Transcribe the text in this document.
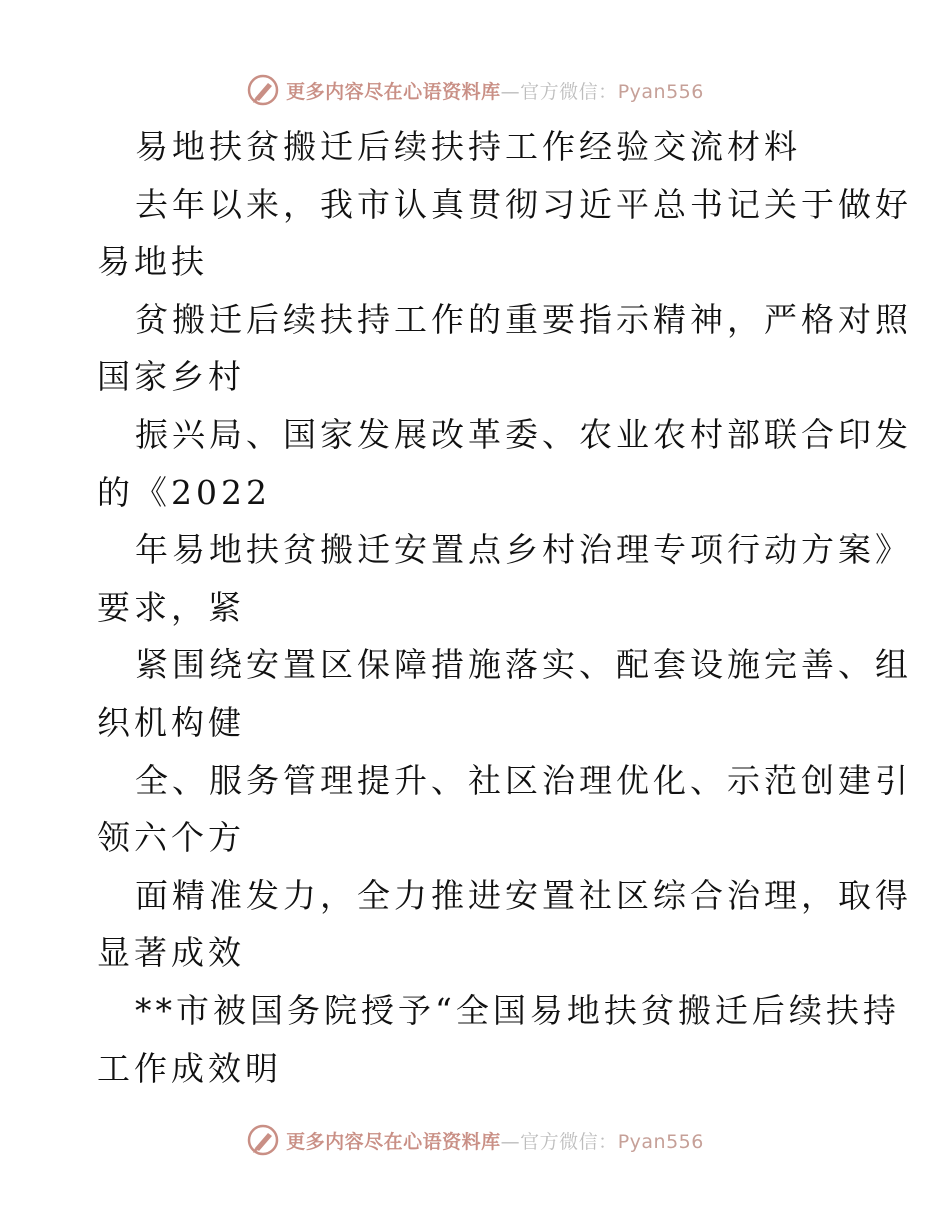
更多内容尽在心语资料库—官方微信：Pyan556
易地扶贫搬迁后续扶持工作经验交流材料
去年以来，我市认真贯彻习近平总书记关于做好
易地扶
贫搬迁后续扶持工作的重要指示精神，严格对照
国家乡村
振兴局、国家发展改革委、农业农村部联合印发
的《2022
年易地扶贫搬迁安置点乡村治理专项行动方案》
要求，紧
紧围绕安置区保障措施落实、配套设施完善、组
织机构健
全、服务管理提升、社区治理优化、示范创建引
领六个方
面精准发力，全力推进安置社区综合治理，取得
显著成效
**市被国务院授予“全国易地扶贫搬迁后续扶持
工作成效明
更多内容尽在心语资料库—官方微信：Pyan556
